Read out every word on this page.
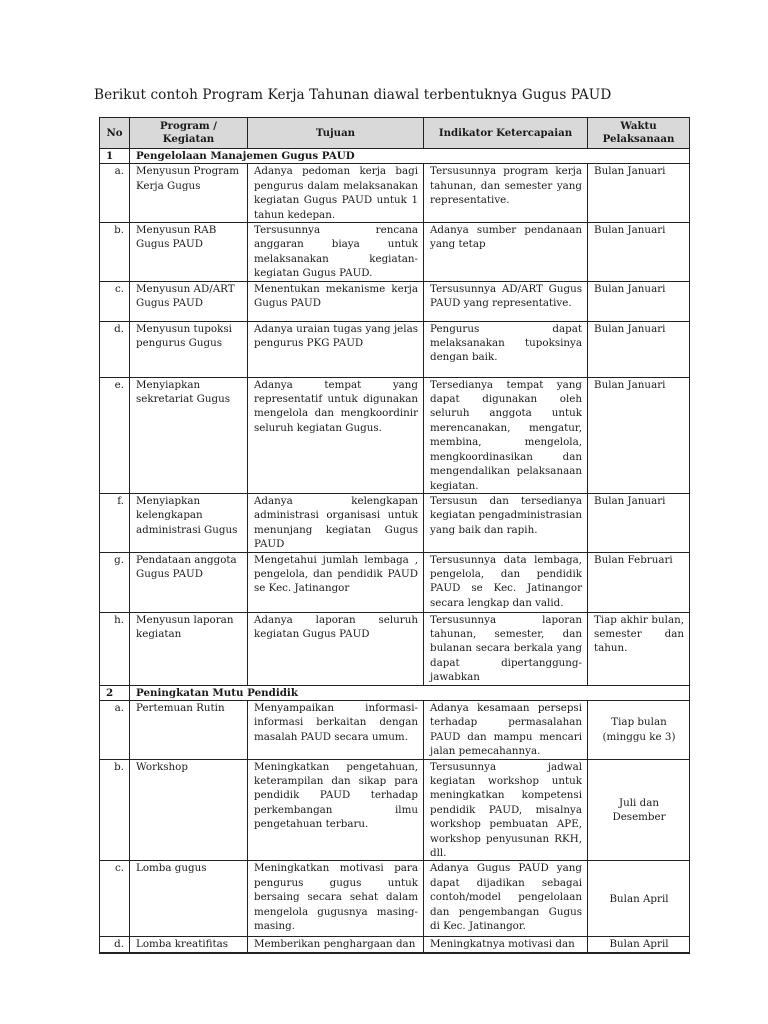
Berikut contoh Program Kerja Tahunan diawal terbentuknya Gugus PAUD
No	Program / Kegiatan	Tujuan	Indikator Ketercapaian	Waktu
Pelaksanaan
1	Pengelolaan Manajemen Gugus PAUD			
a.	Menyusun Program Kerja Gugus	Adanya pedoman kerja bagi pengurus dalam melaksanakan kegiatan Gugus PAUD untuk 1 tahun kedepan.	Tersusunnya program kerja tahunan, dan semester yang representative.	Bulan Januari
b.	Menyusun RAB Gugus PAUD	Tersusunnya rencana anggaran biaya untuk melaksanakan kegiatan-kegiatan Gugus PAUD.	Adanya sumber pendanaan yang tetap	Bulan Januari
c.	Menyusun AD/ART Gugus PAUD	Menentukan mekanisme kerja Gugus PAUD	Tersusunnya AD/ART Gugus PAUD yang representative.	Bulan Januari
d.	Menyusun tupoksi pengurus Gugus	Adanya uraian tugas yang jelas pengurus PKG PAUD	Pengurus dapat melaksanakan tupoksinya dengan baik.	Bulan Januari
e.	Menyiapkan sekretariat Gugus	Adanya tempat yang representatif untuk digunakan mengelola dan mengkoordinir seluruh kegiatan Gugus.	Tersedianya tempat yang dapat digunakan oleh seluruh anggota untuk merencanakan, mengatur, membina, mengelola, mengkoordinasikan dan mengendalikan pelaksanaan kegiatan.	Bulan Januari
f.	Menyiapkan kelengkapan administrasi Gugus	Adanya kelengkapan administrasi organisasi untuk menunjang kegiatan Gugus PAUD	Tersusun dan tersedianya kegiatan pengadministrasian yang baik dan rapih.	Bulan Januari
g.	Pendataan anggota Gugus PAUD	Mengetahui jumlah lembaga , pengelola, dan pendidik PAUD se Kec. Jatinangor	Tersusunnya data lembaga, pengelola, dan pendidik PAUD se Kec. Jatinangor secara lengkap dan valid.	Bulan Februari
h.	Menyusun laporan kegiatan	Adanya laporan seluruh kegiatan Gugus PAUD	Tersusunnya laporan tahunan, semester, dan bulanan secara berkala yang dapat dipertanggung-jawabkan	Tiap akhir bulan, semester dan tahun.
2	Peningkatan Mutu Pendidik			
a.	Pertemuan Rutin	Menyampaikan informasi-informasi berkaitan dengan masalah PAUD secara umum.	Adanya kesamaan persepsi terhadap permasalahan PAUD dan mampu mencari jalan pemecahannya.	Tiap bulan (minggu ke 3)
b.	Workshop	Meningkatkan pengetahuan, keterampilan dan sikap para pendidik PAUD terhadap perkembangan ilmu pengetahuan terbaru.	Tersusunnya jadwal kegiatan workshop untuk meningkatkan kompetensi pendidik PAUD, misalnya workshop pembuatan APE, workshop penyusunan RKH, dll.	Juli dan Desember
c.	Lomba gugus	Meningkatkan motivasi para pengurus gugus untuk bersaing secara sehat dalam mengelola gugusnya masing-masing.	Adanya Gugus PAUD yang dapat dijadikan sebagai contoh/model pengelolaan dan pengembangan Gugus di Kec. Jatinangor.	Bulan April
d.	Lomba kreatifitas	Memberikan penghargaan dan	Meningkatnya motivasi dan	Bulan April
